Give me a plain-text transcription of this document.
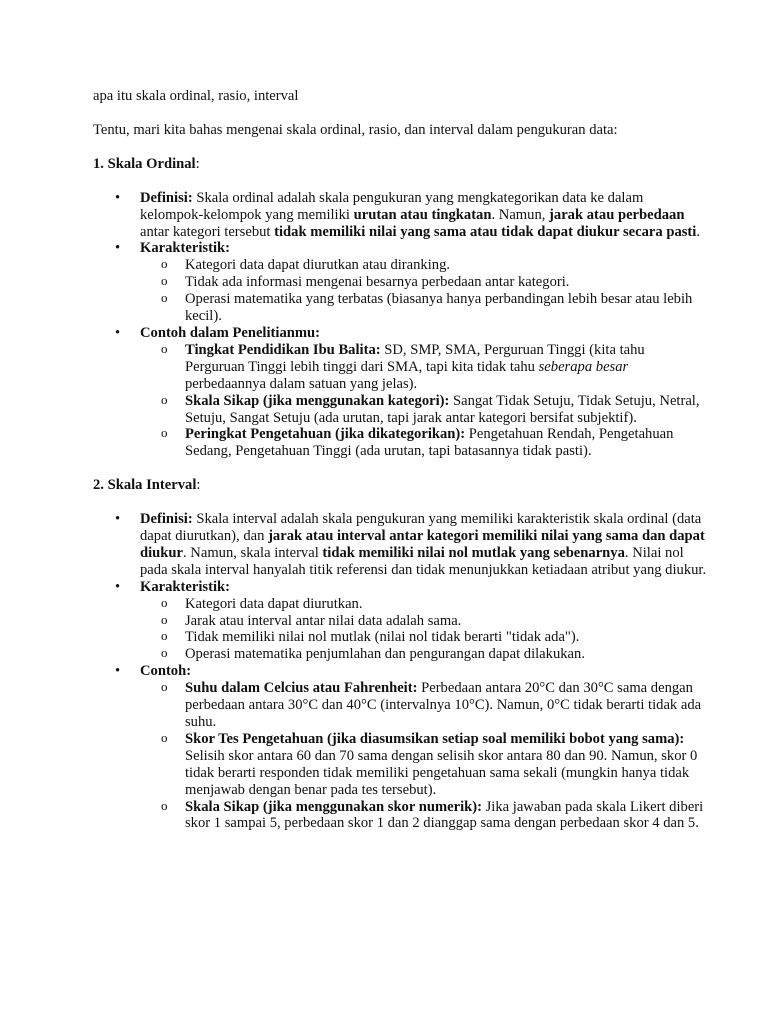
apa itu skala ordinal, rasio, interval

Tentu, mari kita bahas mengenai skala ordinal, rasio, dan interval dalam pengukuran data:

1. Skala Ordinal:
• Definisi: Skala ordinal adalah skala pengukuran yang mengkategorikan data ke dalam kelompok-kelompok yang memiliki urutan atau tingkatan. Namun, jarak atau perbedaan antar kategori tersebut tidak memiliki nilai yang sama atau tidak dapat diukur secara pasti.
• Karakteristik:
o Kategori data dapat diurutkan atau diranking.
o Tidak ada informasi mengenai besarnya perbedaan antar kategori.
o Operasi matematika yang terbatas (biasanya hanya perbandingan lebih besar atau lebih kecil).
• Contoh dalam Penelitianmu:
o Tingkat Pendidikan Ibu Balita: SD, SMP, SMA, Perguruan Tinggi (kita tahu Perguruan Tinggi lebih tinggi dari SMA, tapi kita tidak tahu seberapa besar perbedaannya dalam satuan yang jelas).
o Skala Sikap (jika menggunakan kategori): Sangat Tidak Setuju, Tidak Setuju, Netral, Setuju, Sangat Setuju (ada urutan, tapi jarak antar kategori bersifat subjektif).
o Peringkat Pengetahuan (jika dikategorikan): Pengetahuan Rendah, Pengetahuan Sedang, Pengetahuan Tinggi (ada urutan, tapi batasannya tidak pasti).
2. Skala Interval:
• Definisi: Skala interval adalah skala pengukuran yang memiliki karakteristik skala ordinal (data dapat diurutkan), dan jarak atau interval antar kategori memiliki nilai yang sama dan dapat diukur. Namun, skala interval tidak memiliki nilai nol mutlak yang sebenarnya. Nilai nol pada skala interval hanyalah titik referensi dan tidak menunjukkan ketiadaan atribut yang diukur.
• Karakteristik:
o Kategori data dapat diurutkan.
o Jarak atau interval antar nilai data adalah sama.
o Tidak memiliki nilai nol mutlak (nilai nol tidak berarti "tidak ada").
o Operasi matematika penjumlahan dan pengurangan dapat dilakukan.
• Contoh:
o Suhu dalam Celcius atau Fahrenheit: Perbedaan antara 20°C dan 30°C sama dengan perbedaan antara 30°C dan 40°C (intervalnya 10°C). Namun, 0°C tidak berarti tidak ada suhu.
o Skor Tes Pengetahuan (jika diasumsikan setiap soal memiliki bobot yang sama): Selisih skor antara 60 dan 70 sama dengan selisih skor antara 80 dan 90. Namun, skor 0 tidak berarti responden tidak memiliki pengetahuan sama sekali (mungkin hanya tidak menjawab dengan benar pada tes tersebut).
o Skala Sikap (jika menggunakan skor numerik): Jika jawaban pada skala Likert diberi skor 1 sampai 5, perbedaan skor 1 dan 2 dianggap sama dengan perbedaan skor 4 dan 5.
